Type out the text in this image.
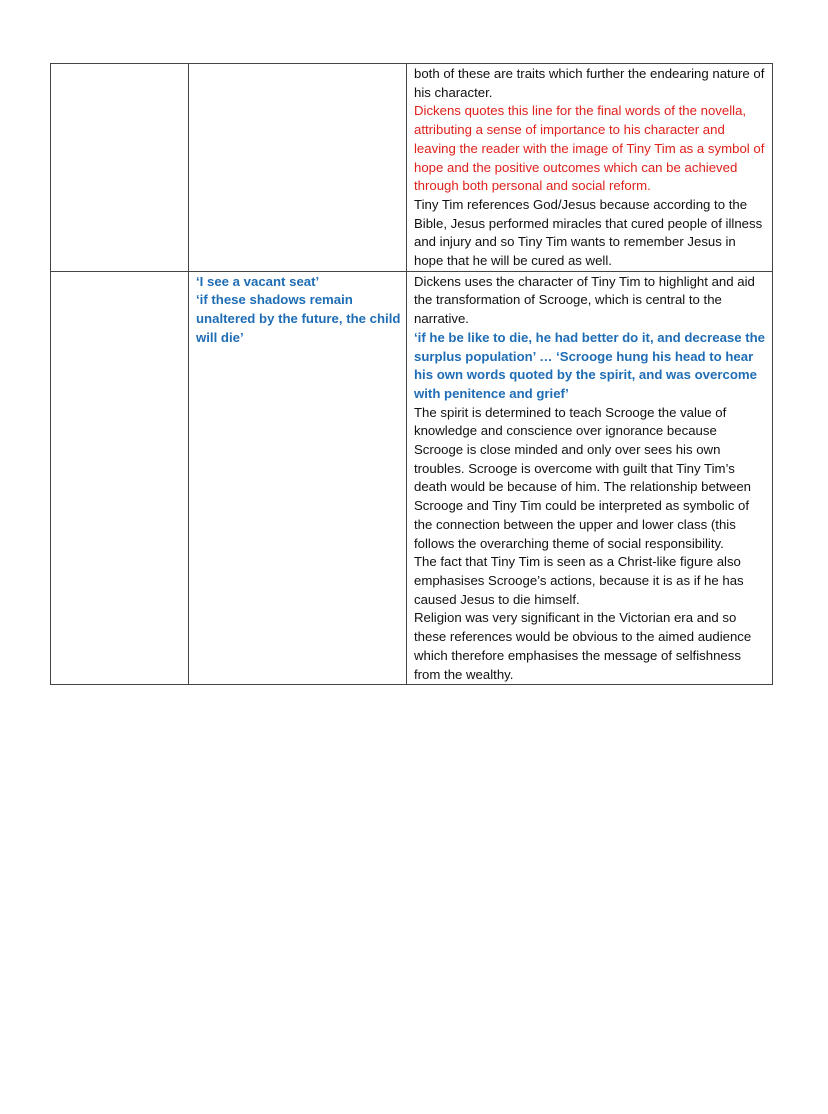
		both of these are traits which further the endearing nature of his character.
Dickens quotes this line for the final words of the novella, attributing a sense of importance to his character and leaving the reader with the image of Tiny Tim as a symbol of hope and the positive outcomes which can be achieved through both personal and social reform.
Tiny Tim references God/Jesus because according to the Bible, Jesus performed miracles that cured people of illness and injury and so Tiny Tim wants to remember Jesus in hope that he will be cured as well.

	‘I see a vacant seat’
‘if these shadows remain unaltered by the future, the child will die’	Dickens uses the character of Tiny Tim to highlight and aid the transformation of Scrooge, which is central to the narrative.
‘if he be like to die, he had better do it, and decrease the surplus population’ … ‘Scrooge hung his head to hear his own words quoted by the spirit, and was overcome with penitence and grief’
The spirit is determined to teach Scrooge the value of knowledge and conscience over ignorance because Scrooge is close minded and only over sees his own troubles. Scrooge is overcome with guilt that Tiny Tim’s death would be because of him. The relationship between Scrooge and Tiny Tim could be interpreted as symbolic of the connection between the upper and lower class (this follows the overarching theme of social responsibility.
The fact that Tiny Tim is seen as a Christ-like figure also emphasises Scrooge’s actions, because it is as if he has caused Jesus to die himself.
Religion was very significant in the Victorian era and so these references would be obvious to the aimed audience which therefore emphasises the message of selfishness from the wealthy.
